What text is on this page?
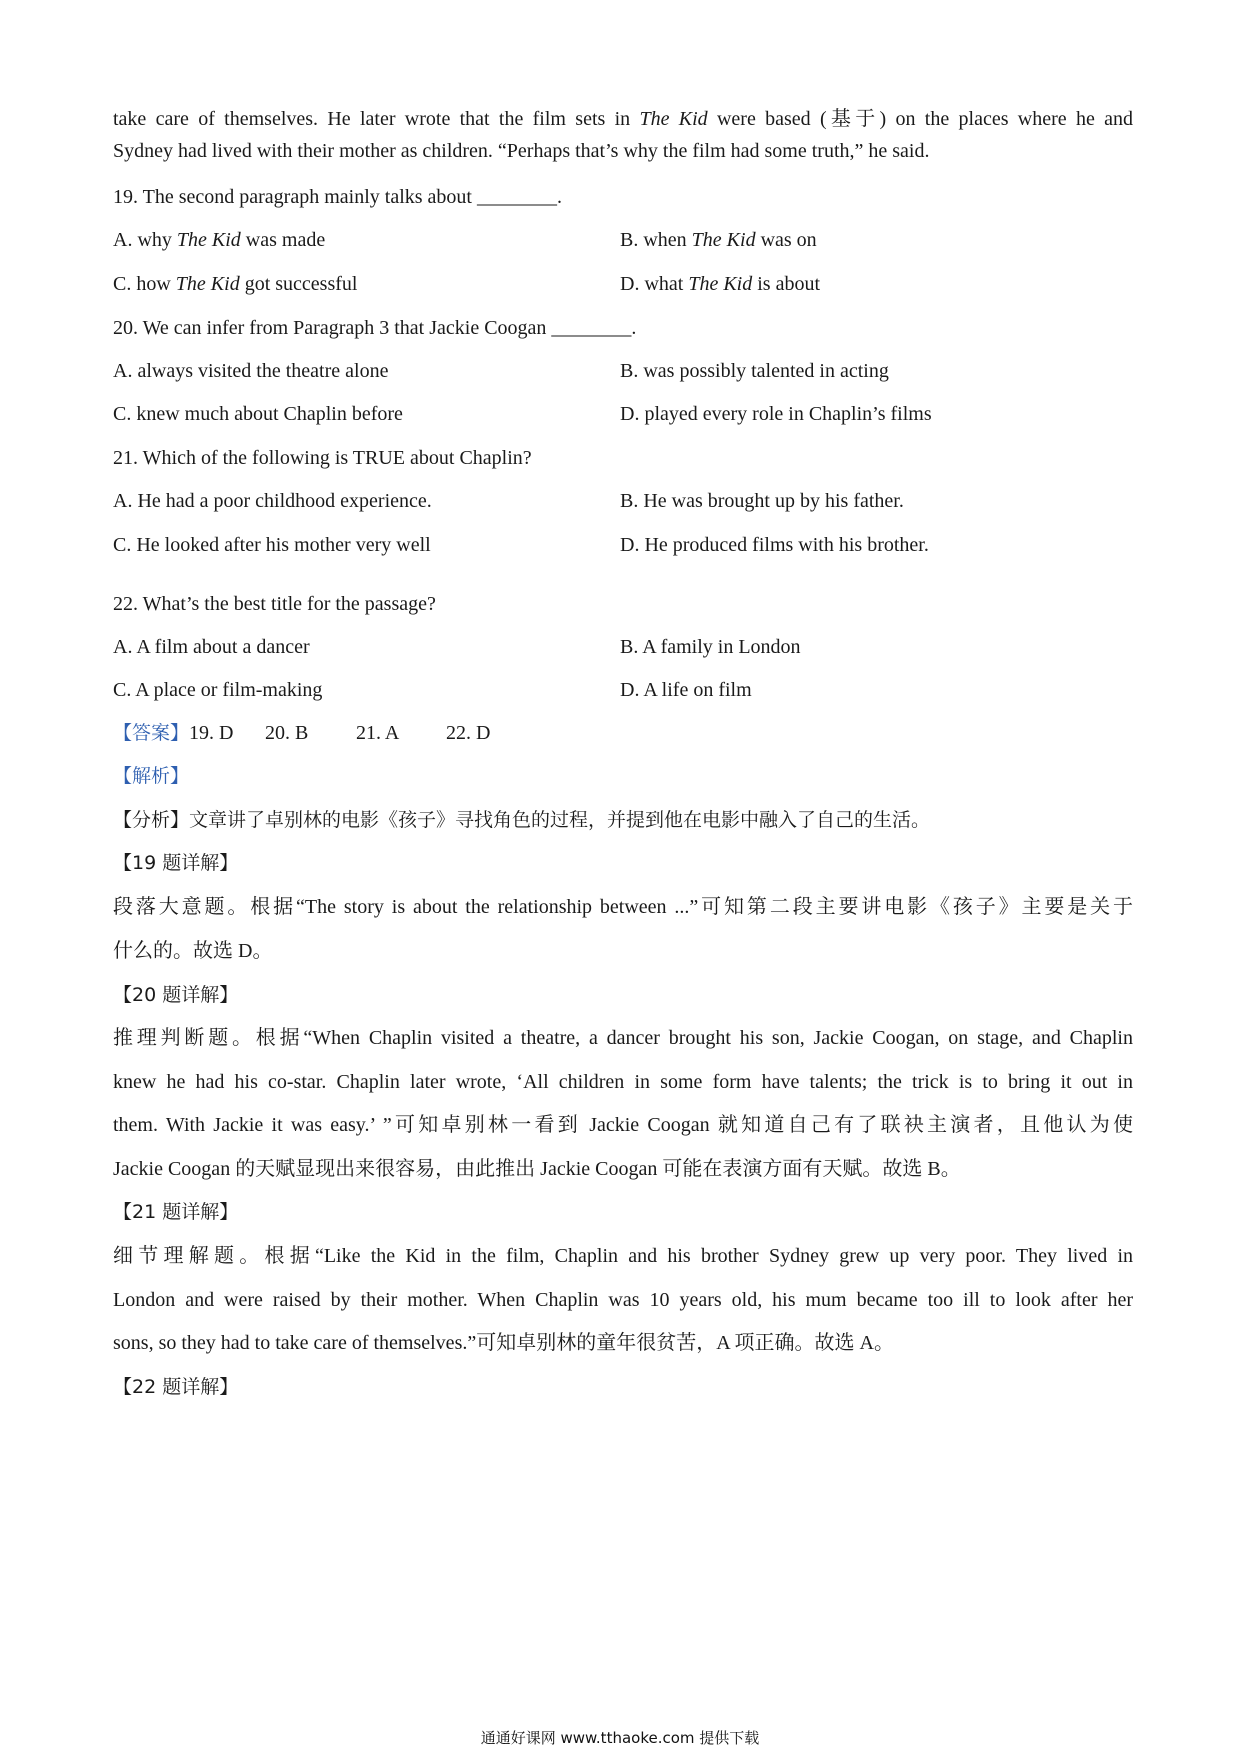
take care of themselves. He later wrote that the film sets in The Kid were based (基于) on the places where he and
Sydney had lived with their mother as children. “Perhaps that’s why the film had some truth,” he said.
19. The second paragraph mainly talks about ________.
A. why The Kid was made	B. when The Kid was on
C. how The Kid got successful	D. what The Kid is about
20. We can infer from Paragraph 3 that Jackie Coogan ________.
A. always visited the theatre alone	B. was possibly talented in acting
C. knew much about Chaplin before	D. played every role in Chaplin’s films
21. Which of the following is TRUE about Chaplin?
A. He had a poor childhood experience.	B. He was brought up by his father.
C. He looked after his mother very well	D. He produced films with his brother.
22. What’s the best title for the passage?
A. A film about a dancer	B. A family in London
C. A place or film-making	D. A life on film
【答案】19. D 20. B 21. A 22. D
【解析】
【分析】文章讲了卓别林的电影《孩子》寻找角色的过程，并提到他在电影中融入了自己的生活。
【19 题详解】
段落大意题。根据“The story is about the relationship between ...”可知第二段主要讲电影《孩子》主要是关于
什么的。故选 D。
【20 题详解】
推理判断题。根据“When Chaplin visited a theatre, a dancer brought his son, Jackie Coogan, on stage, and Chaplin
knew he had his co-star. Chaplin later wrote, ‘All children in some form have talents; the trick is to bring it out in
them. With Jackie it was easy.’ ”可知卓别林一看到 Jackie Coogan 就知道自己有了联袂主演者，且他认为使
Jackie Coogan 的天赋显现出来很容易，由此推出 Jackie Coogan 可能在表演方面有天赋。故选 B。
【21 题详解】
细节理解题。根据“Like the Kid in the film, Chaplin and his brother Sydney grew up very poor. They lived in
London and were raised by their mother. When Chaplin was 10 years old, his mum became too ill to look after her
sons, so they had to take care of themselves.”可知卓别林的童年很贫苦，A 项正确。故选 A。
【22 题详解】
通通好课网 www.tthaoke.com 提供下载
